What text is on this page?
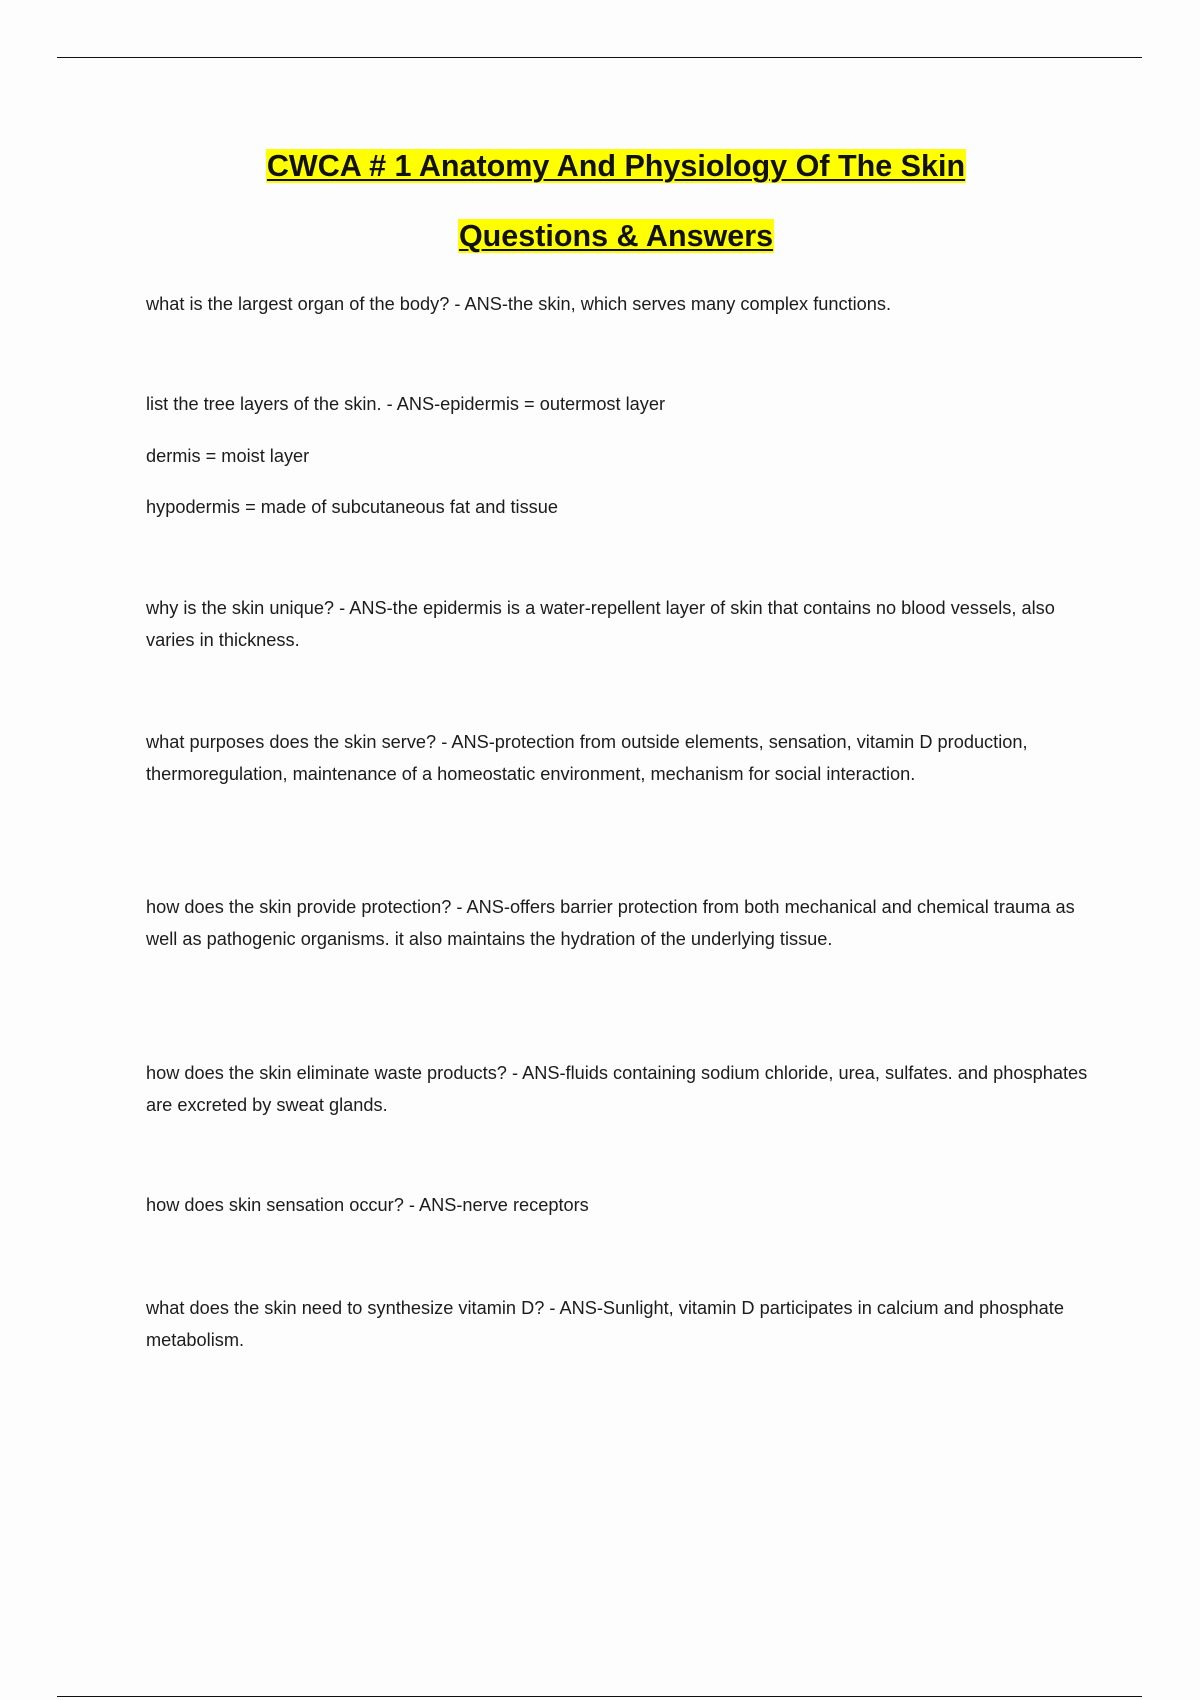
CWCA # 1 Anatomy And Physiology Of The Skin
Questions & Answers

what is the largest organ of the body? - ANS-the skin, which serves many complex functions.

list the tree layers of the skin. - ANS-epidermis = outermost layer

dermis = moist layer

hypodermis = made of subcutaneous fat and tissue

why is the skin unique? - ANS-the epidermis is a water-repellent layer of skin that contains no blood vessels, also varies in thickness.

what purposes does the skin serve? - ANS-protection from outside elements, sensation, vitamin D production, thermoregulation, maintenance of a homeostatic environment, mechanism for social interaction.

how does the skin provide protection? - ANS-offers barrier protection from both mechanical and chemical trauma as well as pathogenic organisms. it also maintains the hydration of the underlying tissue.

how does the skin eliminate waste products? - ANS-fluids containing sodium chloride, urea, sulfates. and phosphates are excreted by sweat glands.

how does skin sensation occur? - ANS-nerve receptors

what does the skin need to synthesize vitamin D? - ANS-Sunlight, vitamin D participates in calcium and phosphate metabolism.
